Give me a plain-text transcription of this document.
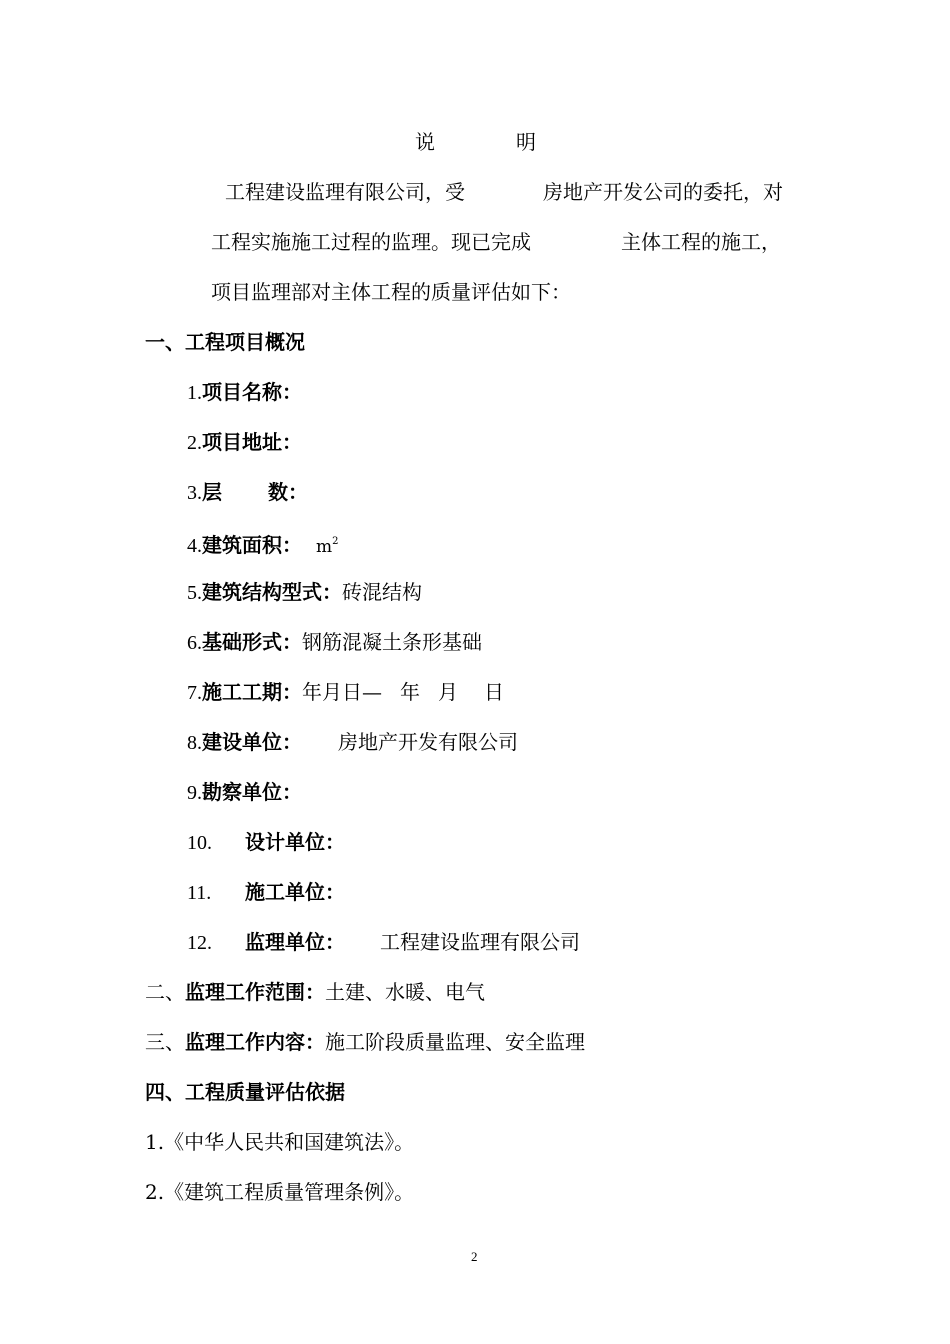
说	明
工程建设监理有限公司，受	房地产开发公司的委托，对
工程实施施工过程的监理。现已完成	主体工程的施工，
项目监理部对主体工程的质量评估如下：
一、工程项目概况
1.项目名称：
2.项目地址：
3.层 数：
4.建筑面积： $m^2$
5.建筑结构型式：砖混结构
6.基础形式：钢筋混凝土条形基础
7.施工工期：年月日— 年 月 日
8.建设单位： 房地产开发有限公司
9.勘察单位：
10. 设计单位：
11. 施工单位：
12. 监理单位： 工程建设监理有限公司
二、监理工作范围：土建、水暖、电气
三、监理工作内容：施工阶段质量监理、安全监理
四、工程质量评估依据
1.《中华人民共和国建筑法》。
2.《建筑工程质量管理条例》。
2
